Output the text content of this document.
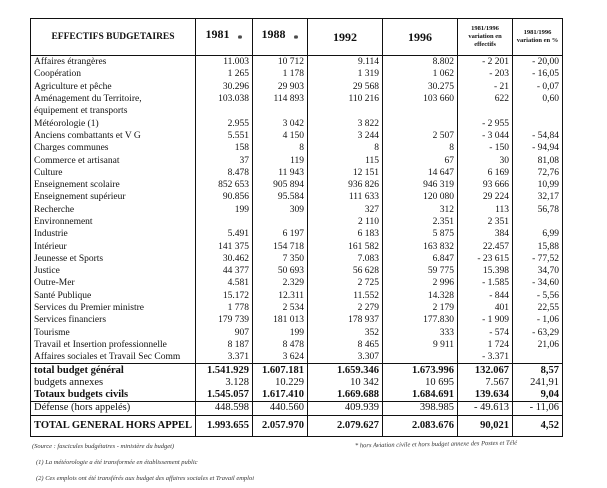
EFFECTIFS BUDGETAIRES	1981 $_*$	1988 $_*$	1992	1996	1981/1996 variation en effectifs	1981/1996 variation en %
Affaires étrangères	11.003	10 712	9.114	8.802	- 2 201	- 20,00
Coopération	1 265	1 178	1 319	1 062	- 203	- 16,05
Agriculture et pêche	30.296	29 903	29 568	30.275	- 21	- 0,07
Aménagement du Territoire,	103.038	114 893	110 216	103 660	622	0,60
équipement et transports						
Météorologie (1)	2.955	3 042	3 822		- 2 955	
Anciens combattants et V G	5.551	4 150	3 244	2 507	- 3 044	- 54,84
Charges communes	158	8	8	8	- 150	- 94,94
Commerce et artisanat	37	119	115	67	30	81,08
Culture	8.478	11 943	12 151	14 647	6 169	72,76
Enseignement scolaire	852 653	905 894	936 826	946 319	93 666	10,99
Enseignement supérieur	90.856	95.584	111 633	120 080	29 224	32,17
Recherche	199	309	327	312	113	56,78
Environnement			2 110	2.351	2 351	
Industrie	5.491	6 197	6 183	5 875	384	6,99
Intérieur	141 375	154 718	161 582	163 832	22.457	15,88
Jeunesse et Sports	30.462	7 350	7.083	6.847	- 23 615	- 77,52
Justice	44 377	50 693	56 628	59 775	15.398	34,70
Outre-Mer	4.581	2.329	2 725	2 996	- 1.585	- 34,60
Santé Publique	15.172	12.311	11.552	14.328	- 844	- 5,56
Services du Premier ministre	1 778	2 534	2 279	2 179	401	22,55
Services financiers	179 739	181 013	178 937	177.830	- 1 909	- 1,06
Tourisme	907	199	352	333	- 574	- 63,29
Travail et Insertion professionnelle	8 187	8 478	8 465	9 911	1 724	21,06
Affaires sociales et Travail Sec Comm	3.371	3 624	3.307		- 3.371	
total budget général	1.541.929	1.607.181	1.659.346	1.673.996	132.067	8,57
budgets annexes	3.128	10.229	10 342	10 695	7.567	241,91
Totaux budgets civils	1.545.057	1.617.410	1.669.688	1.684.691	139.634	9,04
Défense (hors appelés)	448.598	440.560	409.939	398.985	- 49.613	- 11,06
TOTAL GENERAL HORS APPEL	1.993.655	2.057.970	2.079.627	2.083.676	90,021	4,52
(Source : fascicules budgétaires - ministère du budget)	* hors Aviation civile et hors budget annexe des Postes et Télé
(1) La météorologie a été transformée en établissement public
(2) Ces emplois ont été transférés aux budget des affaires sociales et Travail emploi
